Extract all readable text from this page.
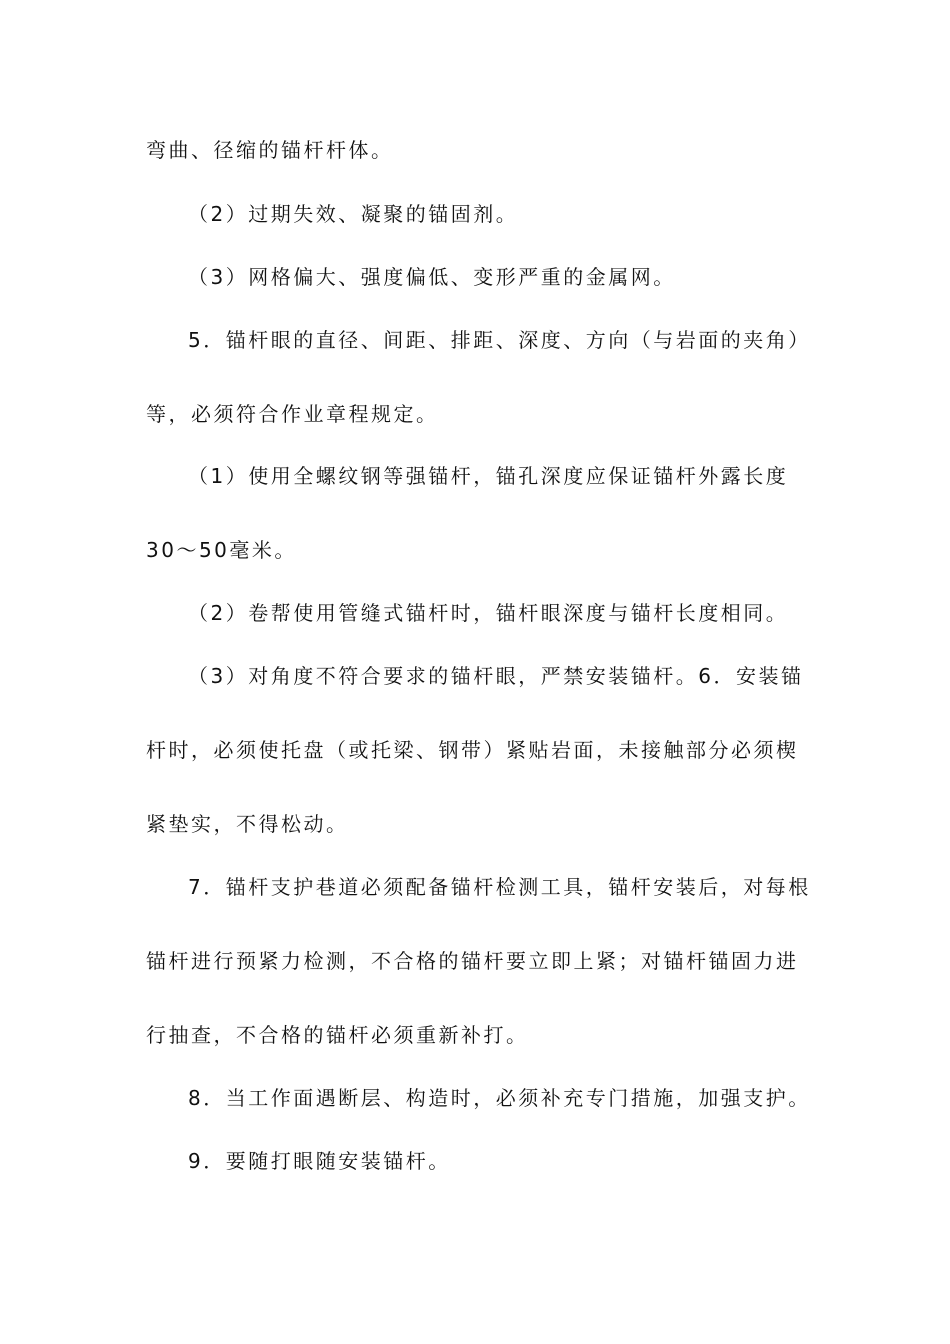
弯曲、径缩的锚杆杆体。
（2）过期失效、凝聚的锚固剂。
（3）网格偏大、强度偏低、变形严重的金属网。
5．锚杆眼的直径、间距、排距、深度、方向（与岩面的夹角）
等，必须符合作业章程规定。
（1）使用全螺纹钢等强锚杆，锚孔深度应保证锚杆外露长度
30～50毫米。
（2）卷帮使用管缝式锚杆时，锚杆眼深度与锚杆长度相同。
（3）对角度不符合要求的锚杆眼，严禁安装锚杆。6．安装锚
杆时，必须使托盘（或托梁、钢带）紧贴岩面，未接触部分必须楔
紧垫实，不得松动。
7．锚杆支护巷道必须配备锚杆检测工具，锚杆安装后，对每根
锚杆进行预紧力检测，不合格的锚杆要立即上紧；对锚杆锚固力进
行抽查，不合格的锚杆必须重新补打。
8．当工作面遇断层、构造时，必须补充专门措施，加强支护。
9．要随打眼随安装锚杆。
